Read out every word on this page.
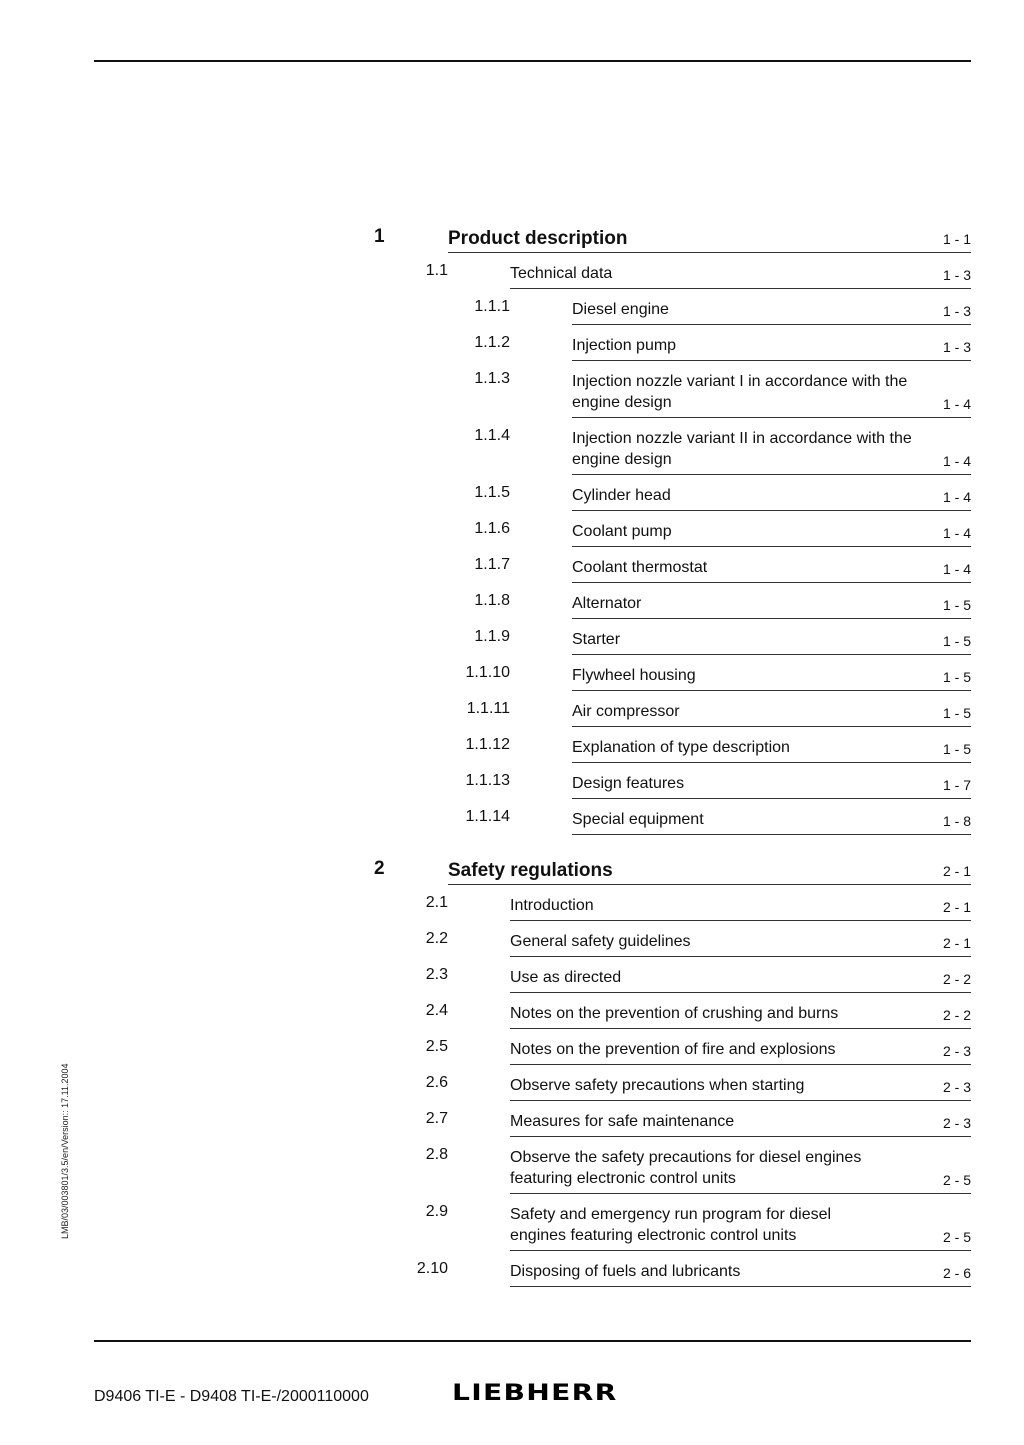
LMB/03/003801/3.5/en/Version:: 17.11.2004
1	Product description	1 - 1
1.1	Technical data	1 - 3
1.1.1	Diesel engine	1 - 3
1.1.2	Injection pump	1 - 3
1.1.3	Injection nozzle variant I in accordance with the engine design	1 - 4
1.1.4	Injection nozzle variant II in accordance with the engine design	1 - 4
1.1.5	Cylinder head	1 - 4
1.1.6	Coolant pump	1 - 4
1.1.7	Coolant thermostat	1 - 4
1.1.8	Alternator	1 - 5
1.1.9	Starter	1 - 5
1.1.10	Flywheel housing	1 - 5
1.1.11	Air compressor	1 - 5
1.1.12	Explanation of type description	1 - 5
1.1.13	Design features	1 - 7
1.1.14	Special equipment	1 - 8
2	Safety regulations	2 - 1
2.1	Introduction	2 - 1
2.2	General safety guidelines	2 - 1
2.3	Use as directed	2 - 2
2.4	Notes on the prevention of crushing and burns	2 - 2
2.5	Notes on the prevention of fire and explosions	2 - 3
2.6	Observe safety precautions when starting	2 - 3
2.7	Measures for safe maintenance	2 - 3
2.8	Observe the safety precautions for diesel engines featuring electronic control units	2 - 5
2.9	Safety and emergency run program for diesel engines featuring electronic control units	2 - 5
2.10	Disposing of fuels and lubricants	2 - 6
D9406 TI-E - D9408 TI-E-/2000110000	LIEBHERR
